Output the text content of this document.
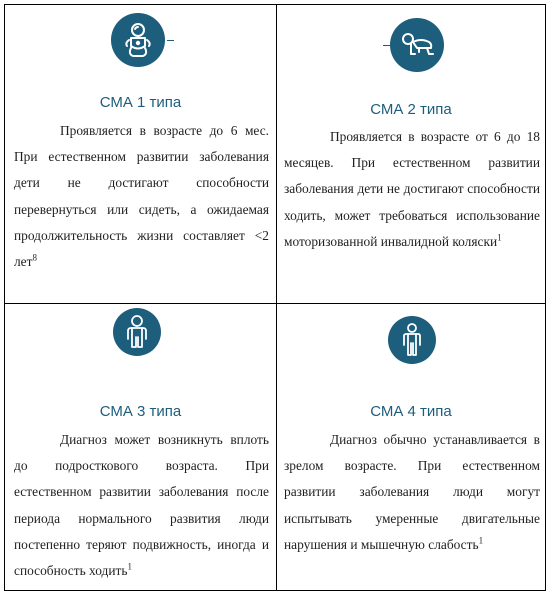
СМА 1 типа
Проявляется в возрасте до 6 мес. При естественном развитии заболевания дети не достигают способности перевернуться или сидеть, а ожидаемая продолжительность жизни составляет <2 лет$^8$
СМА 2 типа
Проявляется в возрасте от 6 до 18 месяцев. При естественном развитии заболевания дети не достигают способности ходить, может требоваться использование моторизованной инвалидной коляски$^1$
СМА 3 типа
Диагноз может возникнуть вплоть до подросткового возраста. При естественном развитии заболевания после периода нормального развития люди постепенно теряют подвижность, иногда и способность ходить$^1$
СМА 4 типа
Диагноз обычно устанавливается в зрелом возрасте. При естественном развитии заболевания люди могут испытывать умеренные двигательные нарушения и мышечную слабость$^1$
